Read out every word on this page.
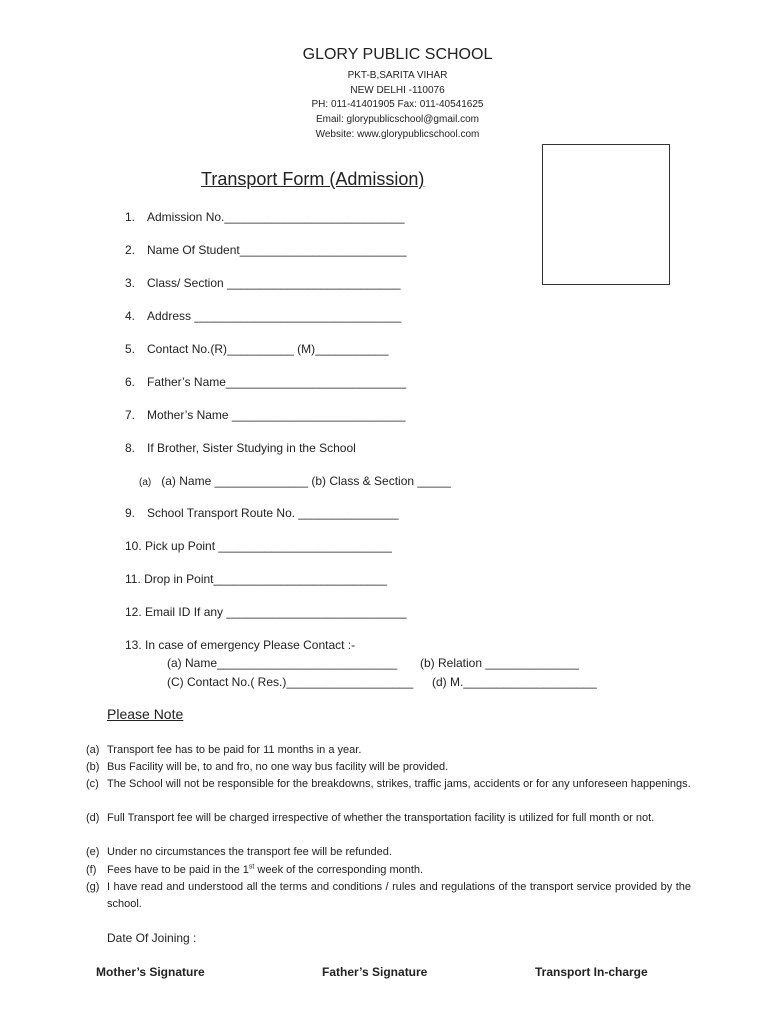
GLORY PUBLIC SCHOOL
PKT-B,SARITA VIHAR
NEW DELHI -110076
PH: 011-41401905 Fax: 011-40541625
Email: glorypublicschool@gmail.com
Website: www.glorypublicschool.com
Transport Form (Admission)
1. Admission No.___________________________
2. Name Of Student_________________________
3. Class/ Section __________________________
4. Address _______________________________
5. Contact No.(R)__________ (M)___________
6. Father’s Name___________________________
7. Mother’s Name __________________________
8. If Brother, Sister Studying in the School
(a) (a) Name ______________ (b) Class & Section _____
9. School Transport Route No. _______________
10. Pick up Point __________________________
11. Drop in Point__________________________
12. Email ID If any ___________________________
13. In case of emergency Please Contact :-
(a) Name___________________________ (b) Relation ______________
(C) Contact No.( Res.)___________________ (d) M.____________________
Please Note
(a) Transport fee has to be paid for 11 months in a year.
(b) Bus Facility will be, to and fro, no one way bus facility will be provided.
(c) The School will not be responsible for the breakdowns, strikes, traffic jams, accidents or for any unforeseen happenings.
(d) Full Transport fee will be charged irrespective of whether the transportation facility is utilized for full month or not.
(e) Under no circumstances the transport fee will be refunded.
(f) Fees have to be paid in the 1st week of the corresponding month.
(g) I have read and understood all the terms and conditions / rules and regulations of the transport service provided by the school.
Date Of Joining :
Mother’s Signature	Father’s Signature	Transport In-charge
